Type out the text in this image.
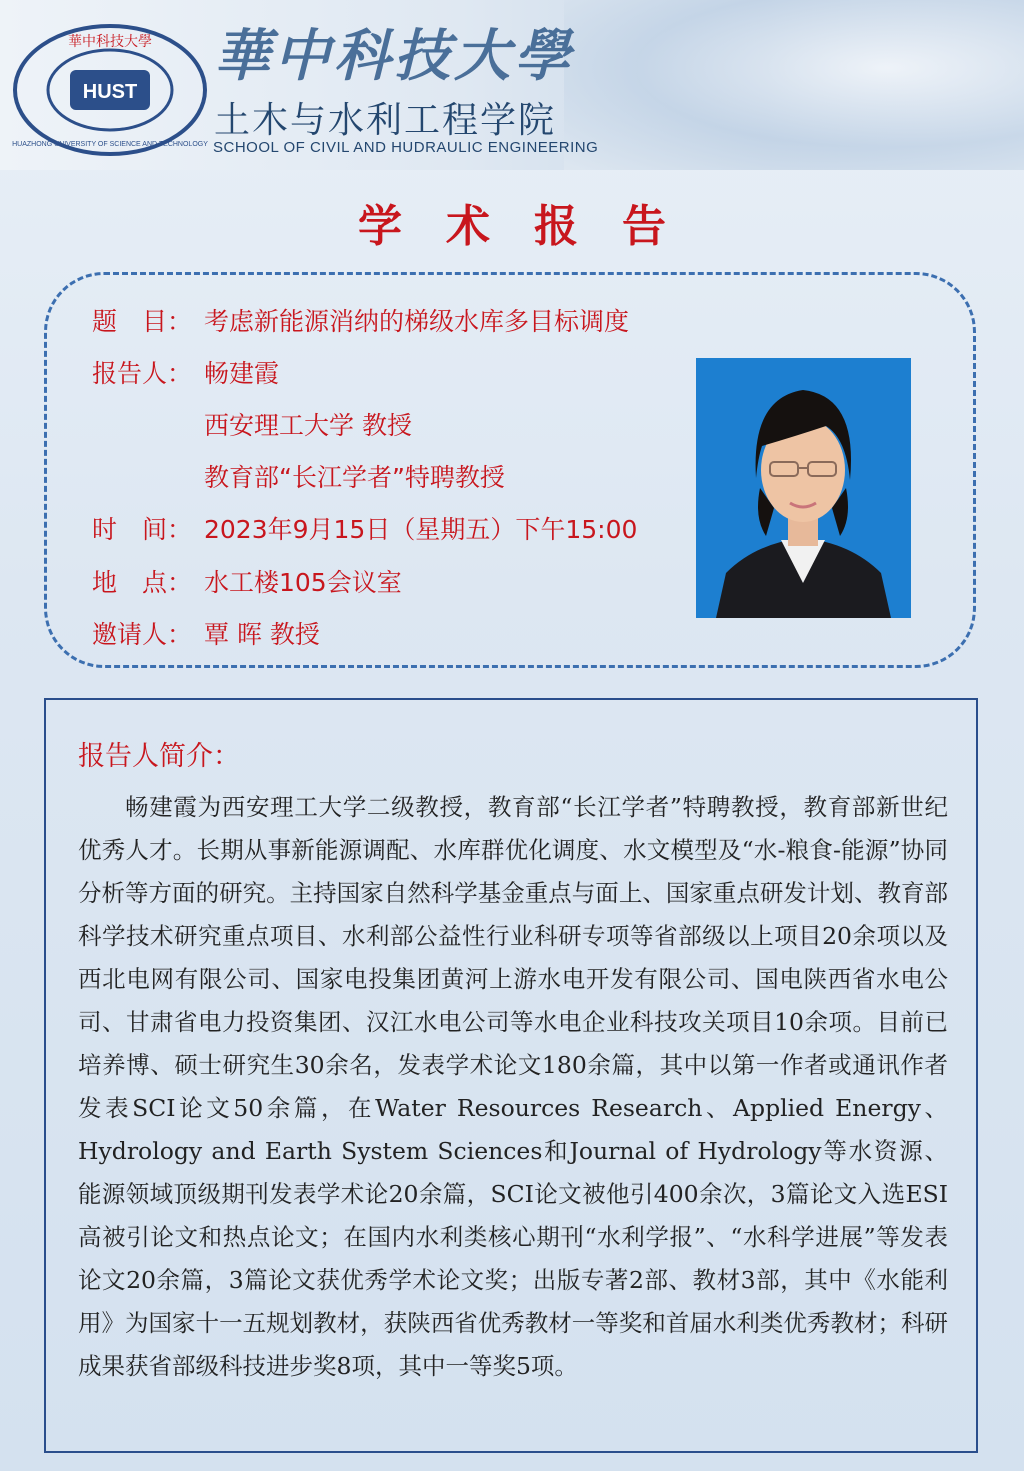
HUST
華中科技大學
HUAZHONG UNIVERSITY OF SCIENCE AND TECHNOLOGY
華中科技大學
土木与水利工程学院
SCHOOL OF CIVIL AND HUDRAULIC ENGINEERING
学术报告
题　目： 考虑新能源消纳的梯级水库多目标调度
报告人： 畅建霞
西安理工大学 教授
教育部“长江学者”特聘教授
时　间： 2023年9月15日（星期五）下午15:00
地　点： 水工楼105会议室
邀请人： 覃 晖 教授
报告人简介：
畅建霞为西安理工大学二级教授，教育部“长江学者”特聘教授，教育部新世纪优秀人才。长期从事新能源调配、水库群优化调度、水文模型及“水-粮食-能源”协同分析等方面的研究。主持国家自然科学基金重点与面上、国家重点研发计划、教育部科学技术研究重点项目、水利部公益性行业科研专项等省部级以上项目20余项以及西北电网有限公司、国家电投集团黄河上游水电开发有限公司、国电陕西省水电公司、甘肃省电力投资集团、汉江水电公司等水电企业科技攻关项目10余项。目前已培养博、硕士研究生30余名，发表学术论文180余篇，其中以第一作者或通讯作者发表SCI论文50余篇，在Water Resources Research、Applied Energy、Hydrology and Earth System Sciences和Journal of Hydrology等水资源、能源领域顶级期刊发表学术论20余篇，SCI论文被他引400余次，3篇论文入选ESI高被引论文和热点论文；在国内水利类核心期刊“水利学报”、“水科学进展”等发表论文20余篇，3篇论文获优秀学术论文奖；出版专著2部、教材3部，其中《水能利用》为国家十一五规划教材，获陕西省优秀教材一等奖和首届水利类优秀教材；科研成果获省部级科技进步奖8项，其中一等奖5项。
